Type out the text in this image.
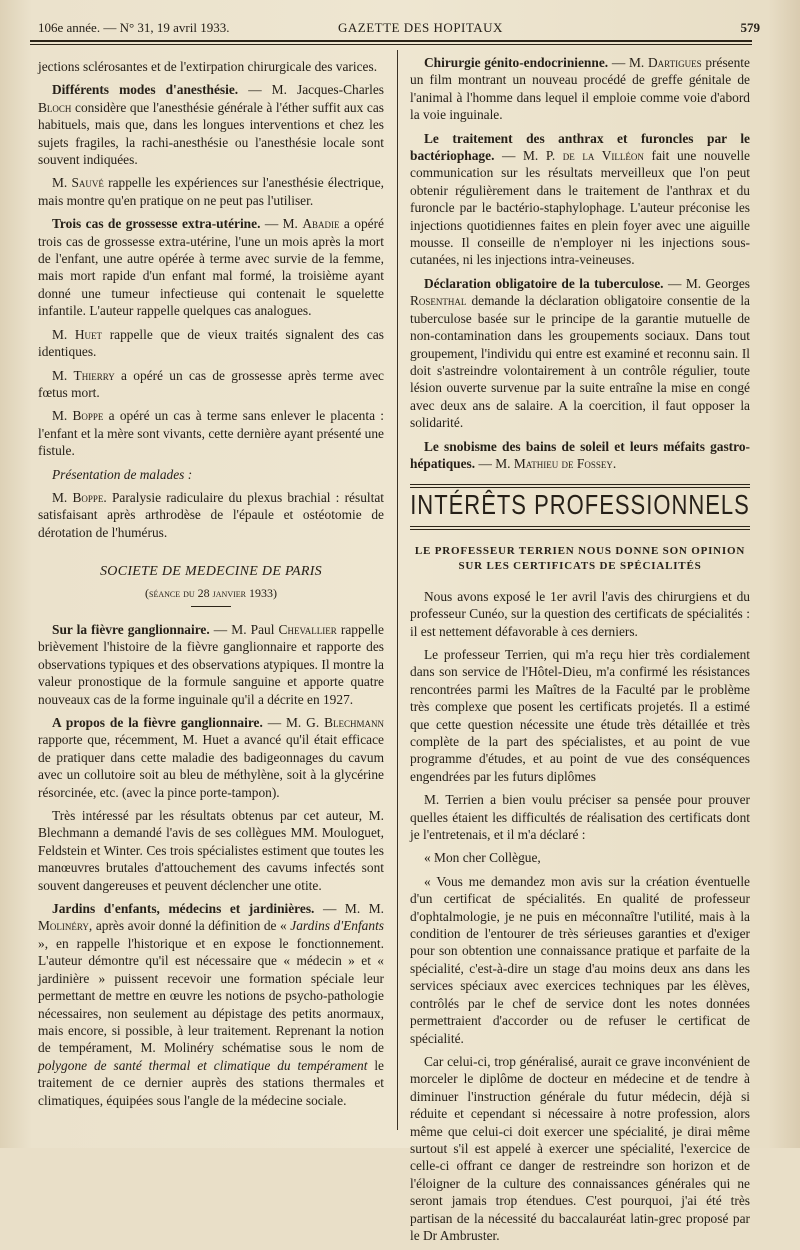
106e année. — N° 31, 19 avril 1933.	GAZETTE DES HOPITAUX	579

jections sclérosantes et de l'extirpation chirurgicale des varices.

Différents modes d'anesthésie. — M. Jacques-Charles Bloch considère que l'anesthésie générale à l'éther suffit aux cas habituels, mais que, dans les longues interventions et chez les sujets fragiles, la rachi-anesthésie ou l'anesthésie locale sont souvent indiquées.

M. Sauvé rappelle les expériences sur l'anesthésie électrique, mais montre qu'en pratique on ne peut pas l'utiliser.

Trois cas de grossesse extra-utérine. — M. Abadie a opéré trois cas de grossesse extra-utérine, l'une un mois après la mort de l'enfant, une autre opérée à terme avec survie de la femme, mais mort rapide d'un enfant mal formé, la troisième ayant donné une tumeur infectieuse qui contenait le squelette infantile. L'auteur rappelle quelques cas analogues.

M. Huet rappelle que de vieux traités signalent des cas identiques.

M. Thierry a opéré un cas de grossesse après terme avec fœtus mort.

M. Boppe a opéré un cas à terme sans enlever le placenta : l'enfant et la mère sont vivants, cette dernière ayant présenté une fistule.

Présentation de malades :

M. Boppe. Paralysie radiculaire du plexus brachial : résultat satisfaisant après arthrodèse de l'épaule et ostéotomie de dérotation de l'humérus.

SOCIETE DE MEDECINE DE PARIS
(séance du 28 janvier 1933)

Sur la fièvre ganglionnaire. — M. Paul Chevallier rappelle brièvement l'histoire de la fièvre ganglionnaire et rapporte des observations typiques et des observations atypiques. Il montre la valeur pronostique de la formule sanguine et apporte quatre nouveaux cas de la forme inguinale qu'il a décrite en 1927.

A propos de la fièvre ganglionnaire. — M. G. Blechmann rapporte que, récemment, M. Huet a avancé qu'il était efficace de pratiquer dans cette maladie des badigeonnages du cavum avec un collutoire soit au bleu de méthylène, soit à la glycérine résorcinée, etc. (avec la pince porte-tampon).

Très intéressé par les résultats obtenus par cet auteur, M. Blechmann a demandé l'avis de ses collègues MM. Mouloguet, Feldstein et Winter. Ces trois spécialistes estiment que toutes les manœuvres brutales d'attouchement des cavums infectés sont souvent dangereuses et peuvent déclencher une otite.

Jardins d'enfants, médecins et jardinières. — M. M. Molinéry, après avoir donné la définition de « Jardins d'Enfants », en rappelle l'historique et en expose le fonctionnement. L'auteur démontre qu'il est nécessaire que « médecin » et « jardinière » puissent recevoir une formation spéciale leur permettant de mettre en œuvre les notions de psycho-pathologie nécessaires, non seulement au dépistage des petits anormaux, mais encore, si possible, à leur traitement. Reprenant la notion de tempérament, M. Molinéry schématise sous le nom de polygone de santé thermal et climatique du tempérament le traitement de ce dernier auprès des stations thermales et climatiques, équipées sous l'angle de la médecine sociale.

Chirurgie génito-endocrinienne. — M. Dartigues présente un film montrant un nouveau procédé de greffe génitale de l'animal à l'homme dans lequel il emploie comme voie d'abord la voie inguinale.

Le traitement des anthrax et furoncles par le bactériophage. — M. P. de la Villéon fait une nouvelle communication sur les résultats merveilleux que l'on peut obtenir régulièrement dans le traitement de l'anthrax et du furoncle par le bactério-staphylophage. L'auteur préconise les injections quotidiennes faites en plein foyer avec une aiguille mousse. Il conseille de n'employer ni les injections sous-cutanées, ni les injections intra-veineuses.

Déclaration obligatoire de la tuberculose. — M. Georges Rosenthal demande la déclaration obligatoire consentie de la tuberculose basée sur le principe de la garantie mutuelle de non-contamination dans les groupements sociaux. Dans tout groupement, l'individu qui entre est examiné et reconnu sain. Il doit s'astreindre volontairement à un contrôle régulier, toute lésion ouverte survenue par la suite entraîne la mise en congé avec deux ans de salaire. A la coercition, il faut opposer la solidarité.

Le snobisme des bains de soleil et leurs méfaits gastro-hépatiques. — M. Mathieu de Fossey.

INTÉRÊTS PROFESSIONNELS
LE PROFESSEUR TERRIEN NOUS DONNE SON OPINION
SUR LES CERTIFICATS DE SPÉCIALITÉS

Nous avons exposé le 1er avril l'avis des chirurgiens et du professeur Cunéo, sur la question des certificats de spécialités : il est nettement défavorable à ces derniers.

Le professeur Terrien, qui m'a reçu hier très cordialement dans son service de l'Hôtel-Dieu, m'a confirmé les résistances rencontrées parmi les Maîtres de la Faculté par le problème très complexe que posent les certificats projetés. Il a estimé que cette question nécessite une étude très détaillée et très complète de la part des spécialistes, et au point de vue programme d'études, et au point de vue des conséquences engendrées par les futurs diplômes

M. Terrien a bien voulu préciser sa pensée pour prouver quelles étaient les difficultés de réalisation des certificats dont je l'entretenais, et il m'a déclaré :

« Mon cher Collègue,

« Vous me demandez mon avis sur la création éventuelle d'un certificat de spécialités. En qualité de professeur d'ophtalmologie, je ne puis en méconnaître l'utilité, mais à la condition de l'entourer de très sérieuses garanties et d'exiger pour son obtention une connaissance pratique et parfaite de la spécialité, c'est-à-dire un stage d'au moins deux ans dans les services spéciaux avec exercices techniques par les élèves, contrôlés par le chef de service dont les notes données permettraient d'accorder ou de refuser le certificat de spécialité.

Car celui-ci, trop généralisé, aurait ce grave inconvénient de morceler le diplôme de docteur en médecine et de tendre à diminuer l'instruction générale du futur médecin, déjà si réduite et cependant si nécessaire à notre profession, alors même que celui-ci doit exercer une spécialité, je dirai même surtout s'il est appelé à exercer une spécialité, l'exercice de celle-ci offrant ce danger de restreindre son horizon et de l'éloigner de la culture des connaissances générales qui ne seront jamais trop étendues. C'est pourquoi, j'ai été très partisan de la nécessité du baccalauréat latin-grec proposé par le Dr Ambruster.
